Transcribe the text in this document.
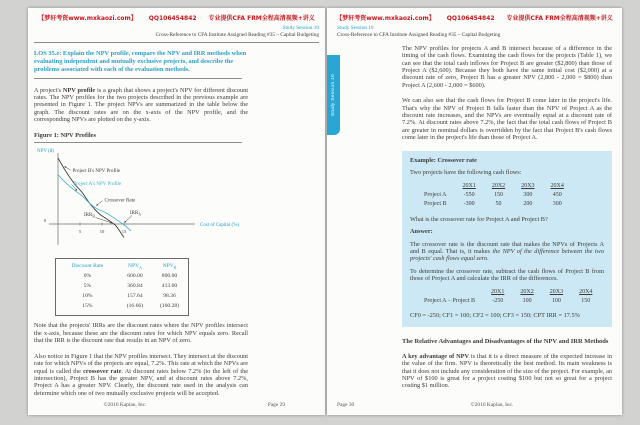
【梦轩考资www.mxkaozi.com】 QQ106454842 专业提供CFA FRM全程高清视频+讲义
Study Session 10
Cross-Reference to CFA Institute Assigned Reading #35 – Capital Budgeting
LOS 35.e: Explain the NPV profile, compare the NPV and IRR methods when evaluating independent and mutually exclusive projects, and describe the problems associated with each of the evaluation methods.
A project's NPV profile is a graph that shows a project's NPV for different discount rates. The NPV profiles for the two projects described in the previous example are presented in Figure 1. The project NPVs are summarized in the table below the graph. The discount rates are on the x-axis of the NPV profile, and the corresponding NPVs are plotted on the y-axis.
Figure 1: NPV Profiles
NPV ($)
Cost of Capital (%)
0
5	10	15
Project B's NPV Profile
Project A's NPV Profile
Crossover Rate
$IRR_B$
$IRR_A$
Discount Rate	$NPV_A$	$NPV_B$
0%	600.00	800.00
5%	360.84	413.00
10%	157.64	98.36
15%	(16.66)	(160.28)
Note that the projects' IRRs are the discount rates where the NPV profiles intersect the x-axis, because these are the discount rates for which NPV equals zero. Recall that the IRR is the discount rate that results in an NPV of zero.
Also notice in Figure 1 that the NPV profiles intersect. They intersect at the discount rate for which NPVs of the projects are equal, 7.2%. This rate at which the NPVs are equal is called the crossover rate. At discount rates below 7.2% (to the left of the intersection), Project B has the greater NPV, and at discount rates above 7.2%, Project A has a greater NPV. Clearly, the discount rate used in the analysis can determine which one of two mutually exclusive projects will be accepted.
©2016 Kaplan, Inc.	Page 29
【梦轩考资www.mxkaozi.com】 QQ106454842 专业提供CFA FRM全程高清视频+讲义
Study Session 10
Cross-Reference to CFA Institute Assigned Reading #35 – Capital Budgeting
Study Session 10
The NPV profiles for projects A and B intersect because of a difference in the timing of the cash flows. Examining the cash flows for the projects (Table 1), we can see that the total cash inflows for Project B are greater ($2,800) than those of Project A ($2,600). Because they both have the same initial cost ($2,000) at a discount rate of zero, Project B has a greater NPV (2,800 - 2,000 = $800) than Project A (2,600 - 2,000 = $600).
We can also see that the cash flows for Project B come later in the project's life. That's why the NPV of Project B falls faster than the NPV of Project A as the discount rate increases, and the NPVs are eventually equal at a discount rate of 7.2%. At discount rates above 7.2%, the fact that the total cash flows of Project B are greater in nominal dollars is overridden by the fact that Project B's cash flows come later in the project's life than those of Project A.
Example: Crossover rate
Two projects have the following cash flows:
	20X1	20X2	20X3	20X4
Project A	-550	150	300	450
Project B	-300	50	200	300
What is the crossover rate for Project A and Project B?
Answer:
The crossover rate is the discount rate that makes the NPVs of Projects A and B equal. That is, it makes the NPV of the difference between the two projects' cash flows equal zero.
To determine the crossover rate, subtract the cash flows of Project B from those of Project A and calculate the IRR of the differences.
	20X1	20X2	20X3	20X4
Project A − Project B	-250	100	100	150
CF0 = -250; CF1 = 100; CF2 = 100; CF3 = 150; CPT IRR = 17.5%
The Relative Advantages and Disadvantages of the NPV and IRR Methods
A key advantage of NPV is that it is a direct measure of the expected increase in the value of the firm. NPV is theoretically the best method. Its main weakness is that it does not include any consideration of the size of the project. For example, an NPV of $100 is great for a project costing $100 but not so great for a project costing $1 million.
Page 30	©2016 Kaplan, Inc.
